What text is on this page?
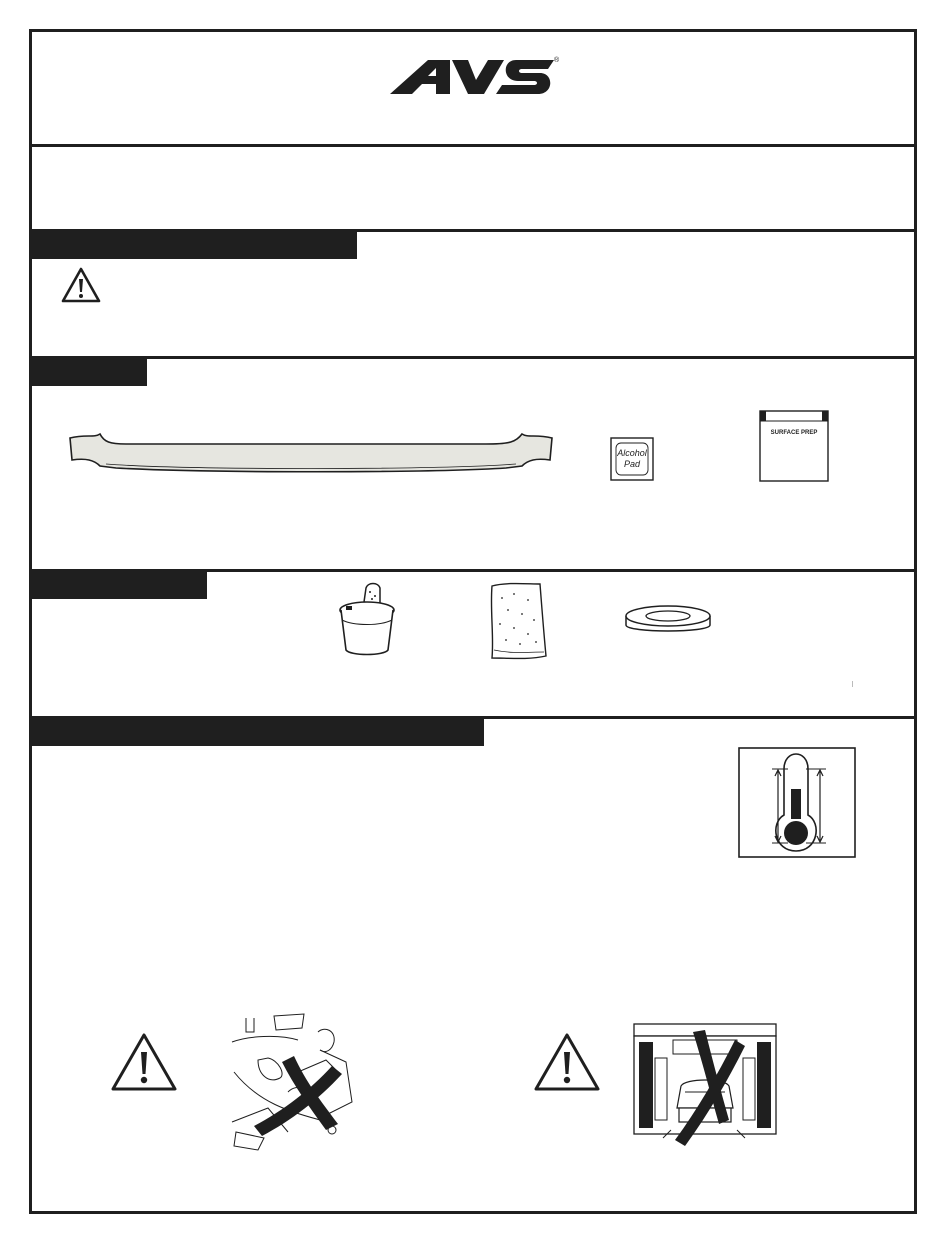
®
Alcohol
Pad
SURFACE PREP
